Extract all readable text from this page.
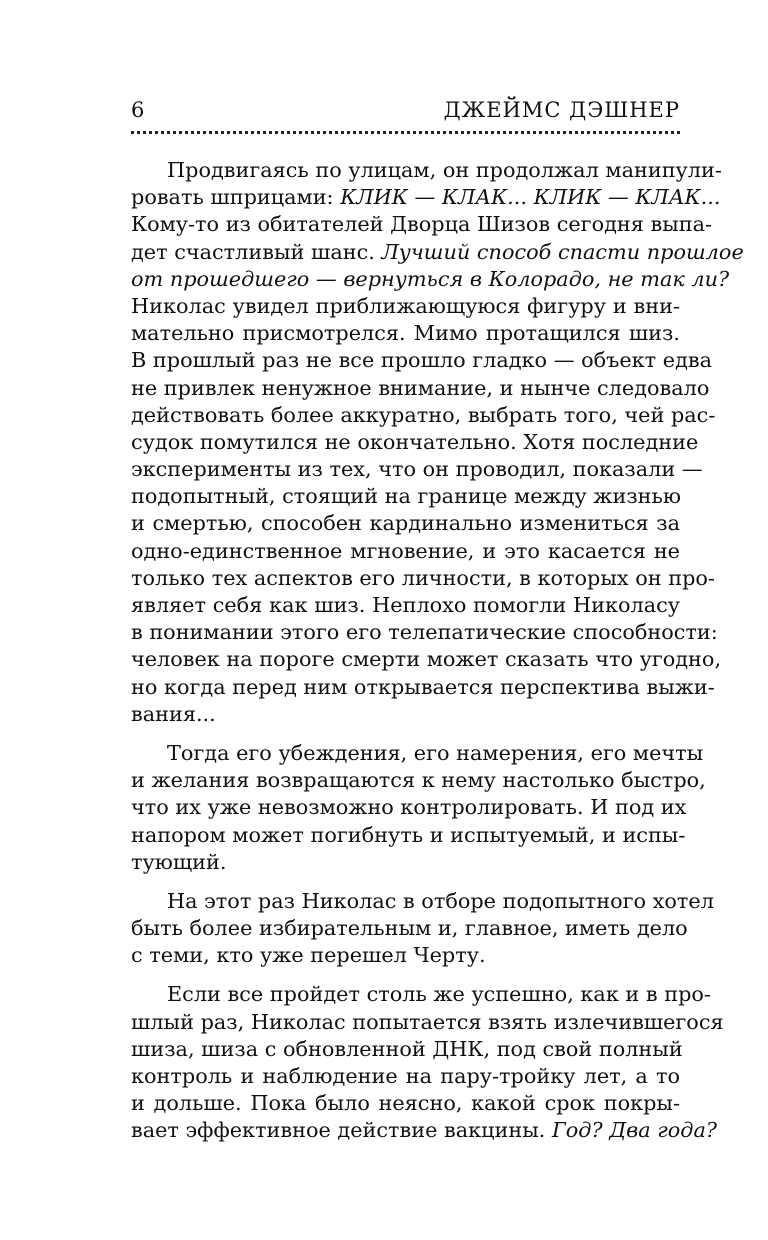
6	ДЖЕЙМС ДЭШНЕР
Продвигаясь по улицам, он продолжал манипули-
ровать шприцами: КЛИК — КЛАК... КЛИК — КЛАК...
Кому-то из обитателей Дворца Шизов сегодня выпа-
дет счастливый шанс. Лучший способ спасти прошлое
от прошедшего — вернуться в Колорадо, не так ли?
Николас увидел приближающуюся фигуру и вни-
мательно присмотрелся. Мимо протащился шиз.
В прошлый раз не все прошло гладко — объект едва
не привлек ненужное внимание, и нынче следовало
действовать более аккуратно, выбрать того, чей рас-
судок помутился не окончательно. Хотя последние
эксперименты из тех, что он проводил, показали —
подопытный, стоящий на границе между жизнью
и смертью, способен кардинально измениться за
одно-единственное мгновение, и это касается не
только тех аспектов его личности, в которых он про-
являет себя как шиз. Неплохо помогли Николасу
в понимании этого его телепатические способности:
человек на пороге смерти может сказать что угодно,
но когда перед ним открывается перспектива выжи-
вания...
Тогда его убеждения, его намерения, его мечты
и желания возвращаются к нему настолько быстро,
что их уже невозможно контролировать. И под их
напором может погибнуть и испытуемый, и испы-
тующий.
На этот раз Николас в отборе подопытного хотел
быть более избирательным и, главное, иметь дело
с теми, кто уже перешел Черту.
Если все пройдет столь же успешно, как и в про-
шлый раз, Николас попытается взять излечившегося
шиза, шиза с обновленной ДНК, под свой полный
контроль и наблюдение на пару-тройку лет, а то
и дольше. Пока было неясно, какой срок покры-
вает эффективное действие вакцины. Год? Два года?
